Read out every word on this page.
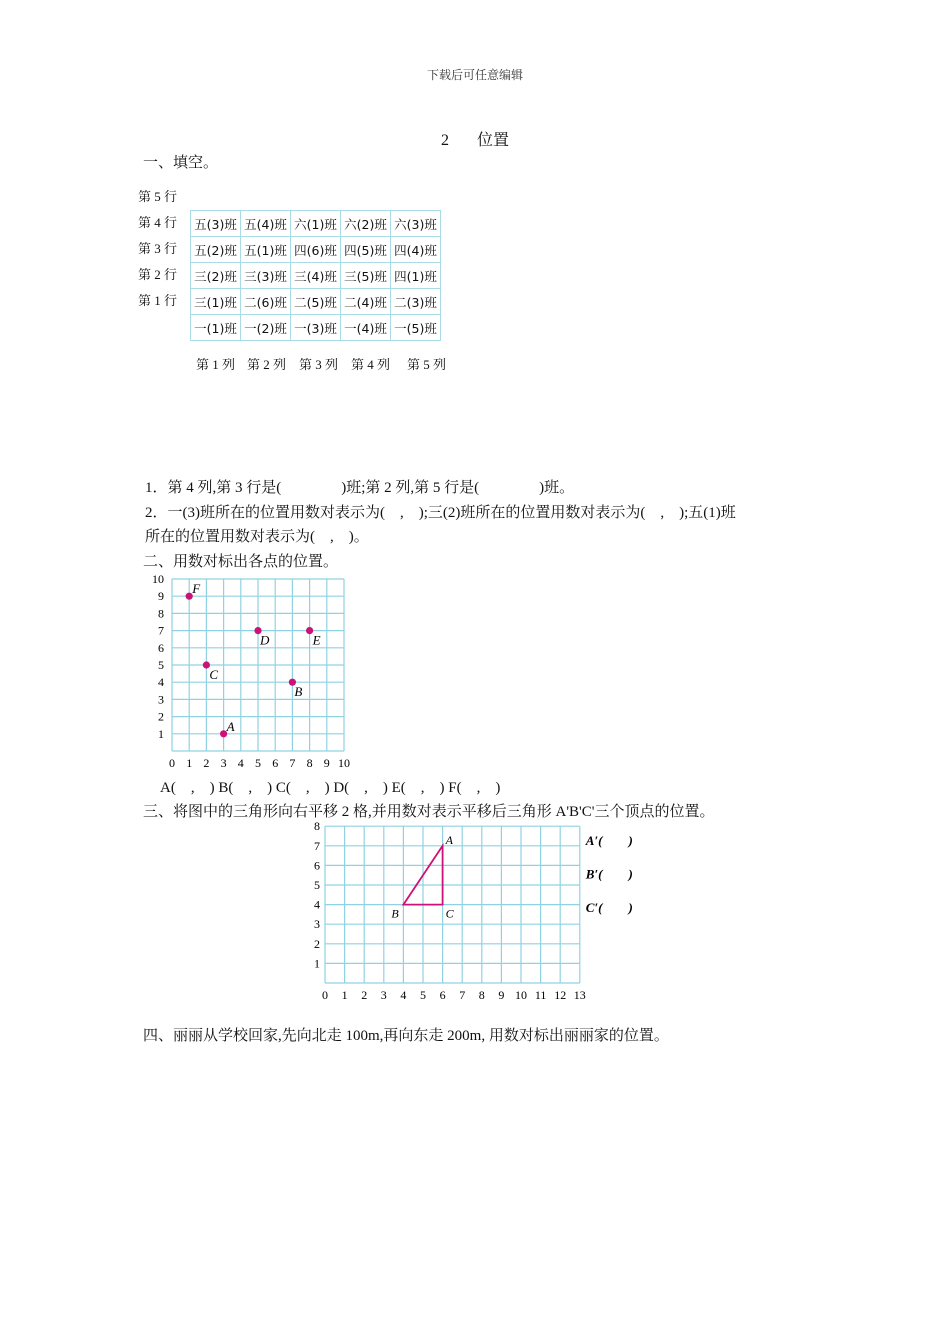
下载后可任意编辑
2 位置
一、填空。
第 5 行
第 4 行
第 3 行
第 2 行
第 1 行
五(3)班	五(4)班	六(1)班	六(2)班	六(3)班
五(2)班	五(1)班	四(6)班	四(5)班	四(4)班
三(2)班	三(3)班	三(4)班	三(5)班	四(1)班
三(1)班	二(6)班	二(5)班	二(4)班	二(3)班
一(1)班	一(2)班	一(3)班	一(4)班	一(5)班
第 1 列 第 2 列 第 3 列 第 4 列 第 5 列
1．第 4 列,第 3 行是(　　　　)班;第 2 列,第 5 行是(　　　　)班。
2．一(3)班所在的位置用数对表示为(　,　);三(2)班所在的位置用数对表示为(　,　);五(1)班
所在的位置用数对表示为(　,　)。
二、用数对标出各点的位置。
0 1 2 3 4 5 6 7 8 9 10
1
2
3
4
5
6
7
8
9
10
A
B
C
D	E
F
A(　,　) B(　,　) C(　,　) D(　,　) E(　,　) F(　,　)
三、将图中的三角形向右平移 2 格,并用数对表示平移后三角形 A'B'C'三个顶点的位置。
0 1 2 3 4 5 6 7 8 9 10 11 12 13
1
2
3
4
5
6
7
8
A
B	C
A′(　　)
B′(　　)
C′(　　)
四、丽丽从学校回家,先向北走 100m,再向东走 200m, 用数对标出丽丽家的位置。
